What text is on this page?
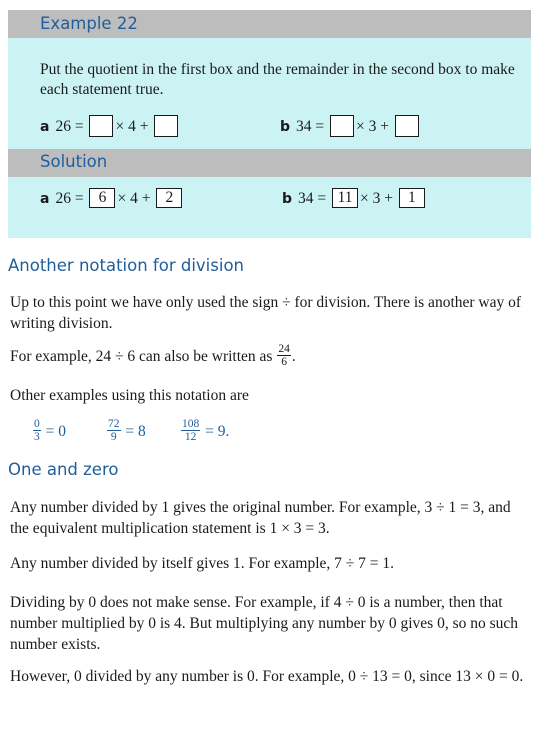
Example 22
Put the quotient in the first box and the remainder in the second box to make each statement true.
a 26 = × 4 +	b 34 = × 3 +
Solution
a 26 = 6 × 4 + 2	b 34 = 11 × 3 + 1
Another notation for division
Up to this point we have only used the sign ÷ for division. There is another way of writing division.
For example, 24 ÷ 6 can also be written as $\frac{24}{6}$ .
Other examples using this notation are
$\frac{0}{3} = 0$	$\frac{72}{9} = 8$	$\frac{108}{12} = 9$.
One and zero
Any number divided by 1 gives the original number. For example, 3 ÷ 1 = 3, and the equivalent multiplication statement is 1 × 3 = 3.
Any number divided by itself gives 1. For example, 7 ÷ 7 = 1.
Dividing by 0 does not make sense. For example, if 4 ÷ 0 is a number, then that number multiplied by 0 is 4. But multiplying any number by 0 gives 0, so no such number exists.
However, 0 divided by any number is 0. For example, 0 ÷ 13 = 0, since 13 × 0 = 0.
